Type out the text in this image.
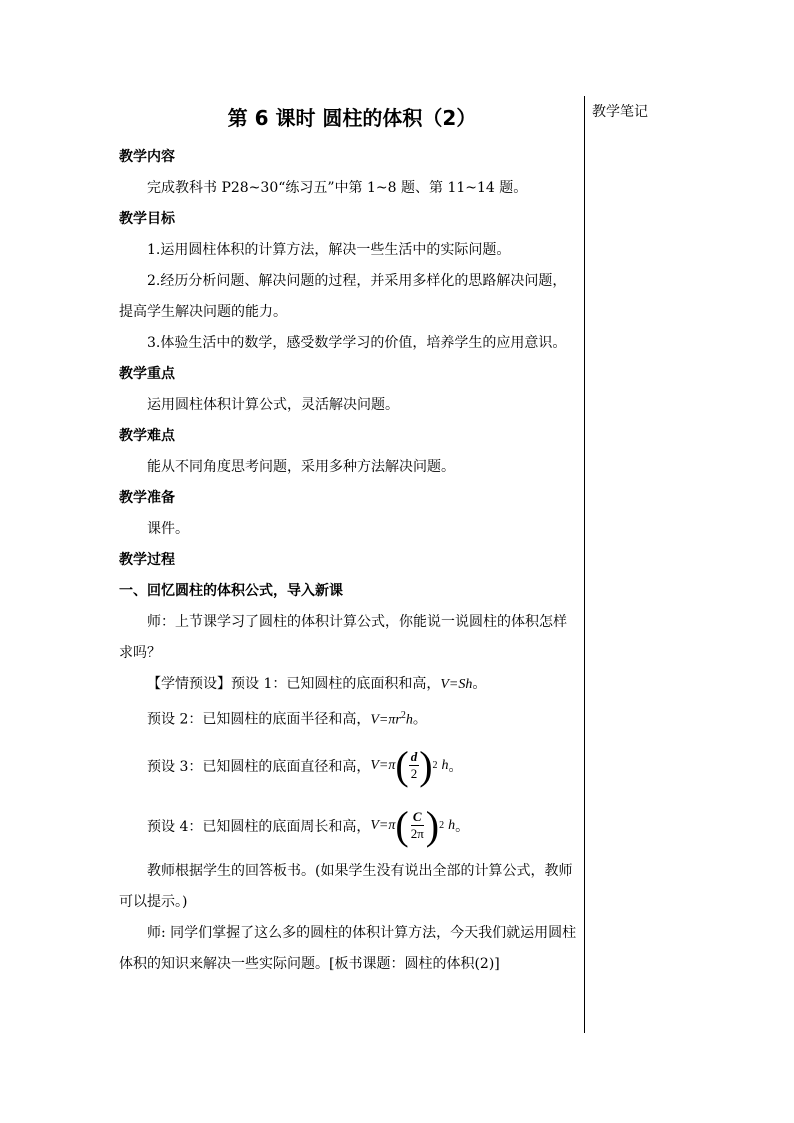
教学笔记
第 6 课时 圆柱的体积（2）

教学内容

完成教科书 P28~30“练习五”中第 1~8 题、第 11~14 题。

教学目标

1.运用圆柱体积的计算方法，解决一些生活中的实际问题。

2.经历分析问题、解决问题的过程，并采用多样化的思路解决问题，提高学生解决问题的能力。

3.体验生活中的数学，感受数学学习的价值，培养学生的应用意识。

教学重点

运用圆柱体积计算公式，灵活解决问题。

教学难点

能从不同角度思考问题，采用多种方法解决问题。

教学准备

课件。

教学过程

一、回忆圆柱的体积公式，导入新课

师：上节课学习了圆柱的体积计算公式，你能说一说圆柱的体积怎样求吗？

【学情预设】预设 1：已知圆柱的底面积和高，V=Sh。

预设 2：已知圆柱的底面半径和高，$V=\pi r^2h$。

预设 3：已知圆柱的底面直径和高， V=π ( $\frac{d}{2}$ ) 2 h 。
预设 4：已知圆柱的底面周长和高， V=π ( $\frac{C}{2\pi}$ ) 2 h 。

教师根据学生的回答板书。(如果学生没有说出全部的计算公式，教师可以提示。)

师: 同学们掌握了这么多的圆柱的体积计算方法，今天我们就运用圆柱体积的知识来解决一些实际问题。[板书课题：圆柱的体积(2)]
